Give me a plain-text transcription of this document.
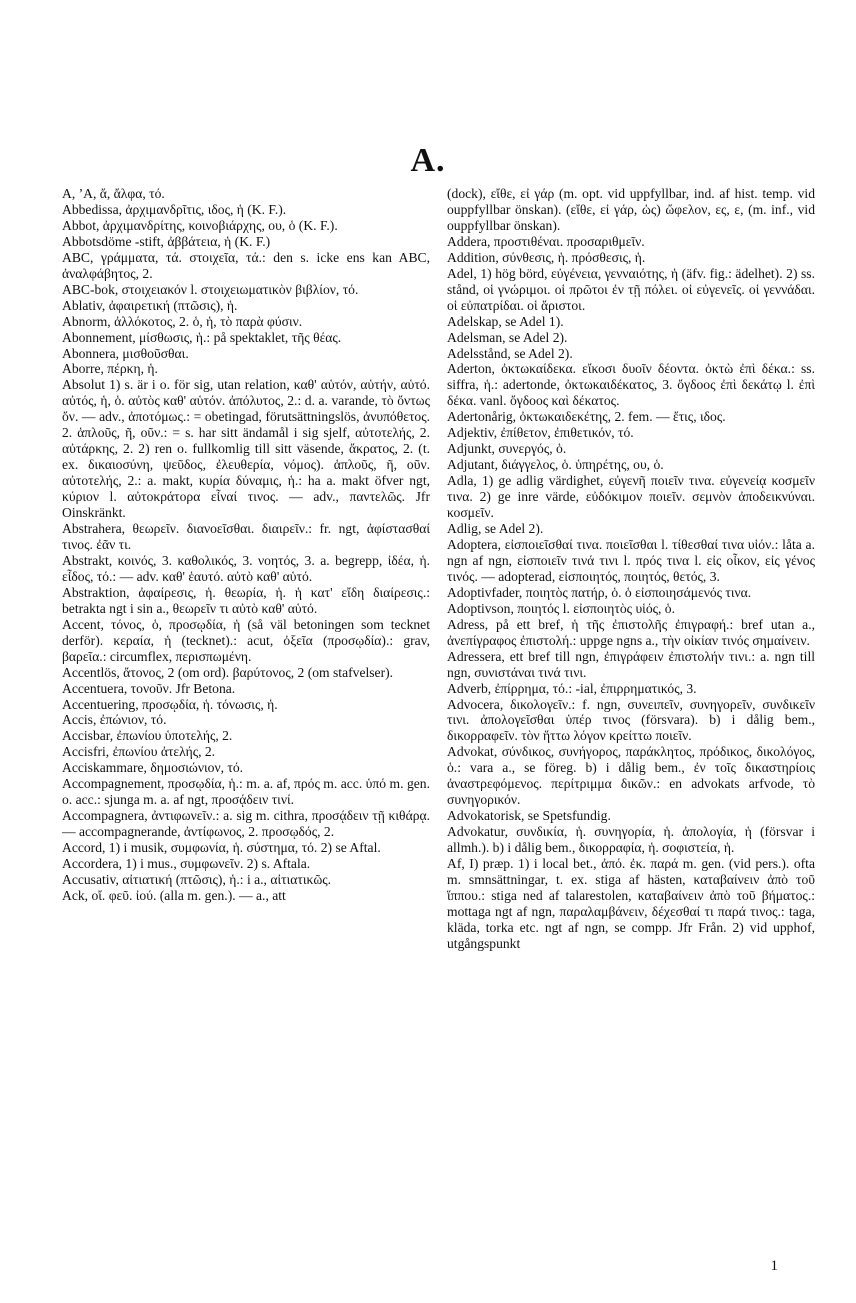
A.
A, ʼΑ, ἄ, ἄλφα, τό.
Abbedissa, ἀρχιμανδρῖτις, ιδος, ἡ (K. F.).
Abbot, ἀρχιμανδρίτης, κοινοβιάρχης, ου, ὁ (K. F.).
Abbotsdöme -stift, ἀββάτεια, ἡ (K. F.)
ABC, γράμματα, τά. στοιχεῖα, τά.: den s. icke ens kan ABC, ἀναλφάβητος, 2.
ABC-bok, στοιχειακόν l. στοιχειωματικὸν βιβλίον, τό.
Ablativ, ἀφαιρετική (πτῶσις), ἡ.
Abnorm, ἀλλόκοτος, 2. ὁ, ἡ, τὸ παρὰ φύσιν.
Abonnement, μίσθωσις, ἡ.: på spektaklet, τῆς θέας.
Abonnera, μισθοῦσθαι.
Aborre, πέρκη, ἡ.
Absolut 1) s. är i o. för sig, utan relation, καθ' αὑτόν, αὑτήν, αὑτό. αὐτός, ἡ, ὁ. αὐτὸς καθ' αὑτόν. ἀπόλυτος, 2.: d. a. varande, τὸ ὄντως ὄν. — adv., ἀποτόμως.: = obetingad, förutsättningslös, ἀνυπόθετος. 2. ἁπλοῦς, ῆ, οῦν.: = s. har sitt ändamål i sig sjelf, αὐτοτελής, 2. αὐτάρκης, 2. 2) ren o. fullkomlig till sitt väsende, ἄκρατος, 2. (t. ex. δικαιοσύνη, ψεῦδος, ἐλευθερία, νόμος). ἁπλοῦς, ῆ, οῦν. αὐτοτελής, 2.: a. makt, κυρία δύναμις, ἡ.: ha a. makt öfver ngt, κύριον l. αὐτοκράτορα εἶναί τινος. — adv., παντελῶς. Jfr Oinskränkt.
Abstrahera, θεωρεῖν. διανοεῖσθαι. διαιρεῖν.: fr. ngt, ἀφίστασθαί τινος. ἐᾶν τι.
Abstrakt, κοινός, 3. καθολικός, 3. νοητός, 3. a. begrepp, ἰδέα, ἡ. εἶδος, τό.: — adv. καθ' ἑαυτό. αὐτὸ καθ' αὑτό.
Abstraktion, ἀφαίρεσις, ἡ. θεωρία, ἡ. ἡ κατ' εἴδη διαίρεσις.: betrakta ngt i sin a., θεωρεῖν τι αὐτὸ καθ' αὑτό.
Accent, τόνος, ὁ, προσῳδία, ἡ (så väl betoningen som tecknet derför). κεραία, ἡ (tecknet).: acut, ὀξεῖα (προσῳδία).: grav, βαρεῖα.: circumflex, περισπωμένη.
Accentlös, ἄτονος, 2 (om ord). βαρύτονος, 2 (om stafvelser).
Accentuera, τονοῦν. Jfr Betona.
Accentuering, προσῳδία, ἡ. τόνωσις, ἡ.
Accis, ἐπώνιον, τό.
Accisbar, ἐπωνίου ὑποτελής, 2.
Accisfri, ἐπωνίου ἀτελής, 2.
Acciskammare, δημοσιώνιον, τό.
Accompagnement, προσῳδία, ἡ.: m. a. af, πρός m. acc. ὑπό m. gen. o. acc.: sjunga m. a. af ngt, προσᾴδειν τινί.
Accompagnera, ἀντιφωνεῖν.: a. sig m. cithra, προσᾴδειν τῇ κιθάρᾳ. — accompagnerande, ἀντίφωνος, 2. προσῳδός, 2.
Accord, 1) i musik, συμφωνία, ἡ. σύστημα, τό. 2) se Aftal.
Accordera, 1) i mus., συμφωνεῖν. 2) s. Aftala.
Accusativ, αἰτιατική (πτῶσις), ἡ.: i a., αἰτιατικῶς.
Ack, οἴ. φεῦ. ἰού. (alla m. gen.). — a., att
(dock), εἴθε, εἰ γάρ (m. opt. vid uppfyllbar, ind. af hist. temp. vid ouppfyllbar önskan). (εἴθε, εἰ γάρ, ὡς) ὤφελον, ες, ε, (m. inf., vid ouppfyllbar önskan).
Addera, προστιθέναι. προσαριθμεῖν.
Addition, σύνθεσις, ἡ. πρόσθεσις, ἡ.
Adel, 1) hög börd, εὐγένεια, γενναιότης, ἡ (äfv. fig.: ädelhet). 2) ss. stånd, οἱ γνώριμοι. οἱ πρῶτοι ἐν τῇ πόλει. οἱ εὐγενεῖς. οἱ γεννάδαι. οἱ εὐπατρίδαι. οἱ ἄριστοι.
Adelskap, se Adel 1).
Adelsman, se Adel 2).
Adelsstånd, se Adel 2).
Aderton, ὀκτωκαίδεκα. εἴκοσι δυοῖν δέοντα. ὀκτὼ ἐπὶ δέκα.: ss. siffra, ἡ.: adertonde, ὀκτωκαιδέκατος, 3. ὄγδοος ἐπὶ δεκάτῳ l. ἐπὶ δέκα. vanl. ὄγδοος καὶ δέκατος.
Adertonårig, ὀκτωκαιδεκέτης, 2. fem. — ἔτις, ιδος.
Adjektiv, ἐπίθετον, ἐπιθετικόν, τό.
Adjunkt, συνεργός, ὁ.
Adjutant, διάγγελος, ὁ. ὑπηρέτης, ου, ὁ.
Adla, 1) ge adlig värdighet, εὐγενῆ ποιεῖν τινα. εὐγενείᾳ κοσμεῖν τινα. 2) ge inre värde, εὐδόκιμον ποιεῖν. σεμνὸν ἀποδεικνύναι. κοσμεῖν.
Adlig, se Adel 2).
Adoptera, εἰσποιεῖσθαί τινα. ποιεῖσθαι l. τίθεσθαί τινα υἱόν.: låta a. ngn af ngn, εἰσποιεῖν τινά τινι l. πρός τινα l. εἰς οἶκον, εἰς γένος τινός. — adopterad, εἰσποιητός, ποιητός, θετός, 3.
Adoptivfader, ποιητὸς πατήρ, ὁ. ὁ εἰσποιησάμενός τινα.
Adoptivson, ποιητός l. εἰσποιητὸς υἱός, ὁ.
Adress, på ett bref, ἡ τῆς ἐπιστολῆς ἐπιγραφή.: bref utan a., ἀνεπίγραφος ἐπιστολή.: uppge ngns a., τὴν οἰκίαν τινός σημαίνειν.
Adressera, ett bref till ngn, ἐπιγράφειν ἐπιστολήν τινι.: a. ngn till ngn, συνιστάναι τινά τινι.
Adverb, ἐπίρρημα, τό.: -ial, ἐπιρρηματικός, 3.
Advocera, δικολογεῖν.: f. ngn, συνειπεῖν, συνηγορεῖν, συνδικεῖν τινι. ἀπολογεῖσθαι ὑπέρ τινος (försvara). b) i dålig bem., δικορραφεῖν. τὸν ἥττω λόγον κρείττω ποιεῖν.
Advokat, σύνδικος, συνήγορος, παράκλητος, πρόδικος, δικολόγος, ὁ.: vara a., se föreg. b) i dålig bem., ἐν τοῖς δικαστηρίοις ἀναστρεφόμενος. περίτριμμα δικῶν.: en advokats arfvode, τὸ συνηγορικόν.
Advokatorisk, se Spetsfundig.
Advokatur, συνδικία, ἡ. συνηγορία, ἡ. ἀπολογία, ἡ (försvar i allmh.). b) i dålig bem., δικορραφία, ἡ. σοφιστεία, ἡ.
Af, I) præp. 1) i local bet., ἀπό. ἐκ. παρά m. gen. (vid pers.). ofta m. smnsättningar, t. ex. stiga af hästen, καταβαίνειν ἀπὸ τοῦ ἵππου.: stiga ned af talarestolen, καταβαίνειν ἀπὸ τοῦ βήματος.: mottaga ngt af ngn, παραλαμβάνειν, δέχεσθαί τι παρά τινος.: taga, kläda, torka etc. ngt af ngn, se compp. Jfr Från. 2) vid upphof, utgångspunkt
1
